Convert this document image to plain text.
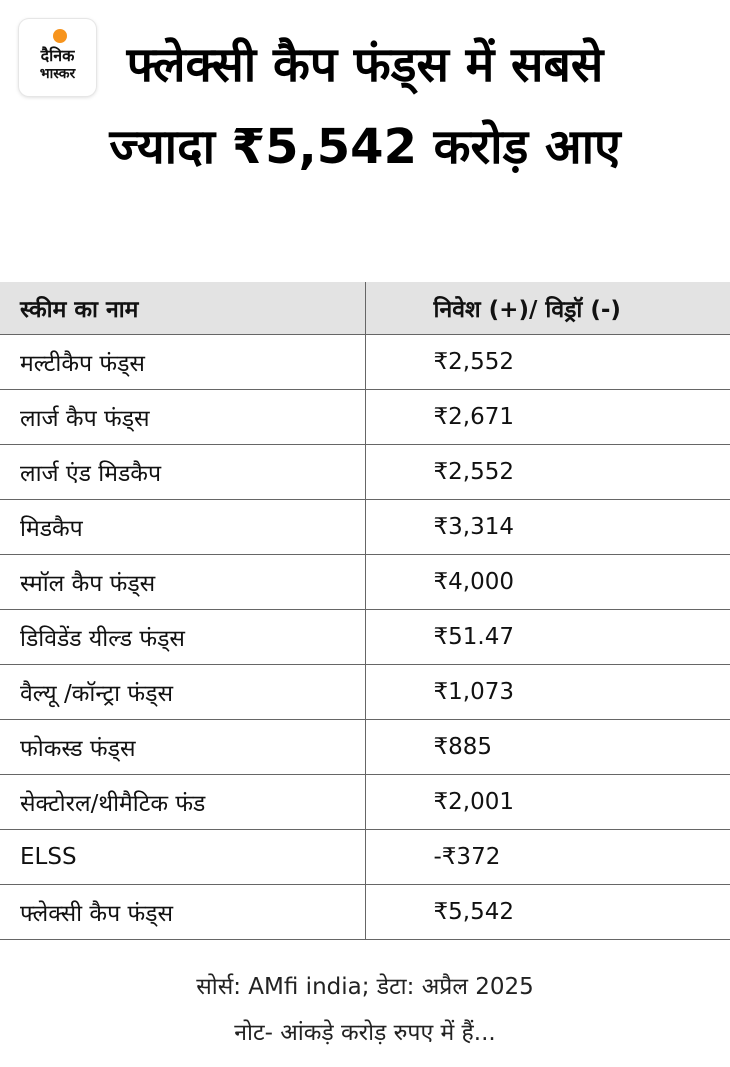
दैनिक
भास्कर	फ्लेक्सी कैप फंड्स में सबसे ज्यादा ₹5,542 करोड़ आए
स्कीम का नाम	निवेश (+)/ विड्रॉ (-)
मल्टीकैप फंड्स	₹2,552
लार्ज कैप फंड्स	₹2,671
लार्ज एंड मिडकैप	₹2,552
मिडकैप	₹3,314
स्मॉल कैप फंड्स	₹4,000
डिविडेंड यील्ड फंड्स	₹51.47
वैल्यू /कॉन्ट्रा फंड्स	₹1,073
फोकस्ड फंड्स	₹885
सेक्टोरल/थीमैटिक फंड	₹2,001
ELSS	-₹372
फ्लेक्सी कैप फंड्स	₹5,542
सोर्स: AMfi india; डेटा: अप्रैल 2025
नोट- आंकड़े करोड़ रुपए में हैं...
